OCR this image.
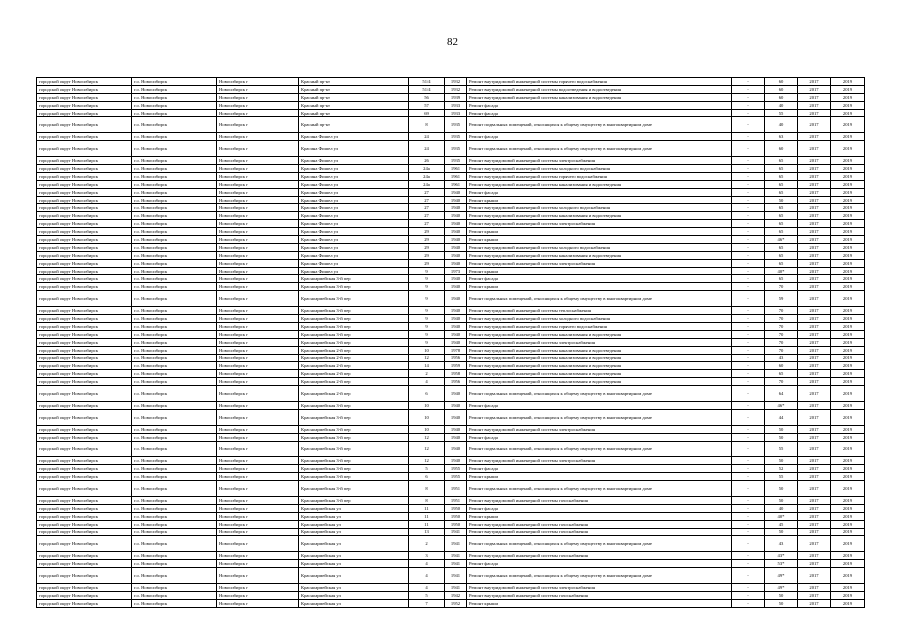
82
городской округ Новосибирск	г.о. Новосибирск	Новосибирск г	Красный пр-кт	51/4	1932	Ремонт внутридомовой инженерной системы горячего водоснабжения	-	60	2017	2019
городской округ Новосибирск	г.о. Новосибирск	Новосибирск г	Красный пр-кт	51/4	1932	Ремонт внутридомовой инженерной системы водоотведения и водоотведения	-	60	2017	2019
городской округ Новосибирск	г.о. Новосибирск	Новосибирск г	Красный пр-кт	56	1939	Ремонт внутридомовой инженерной системы канализования и водоотведения	-	60	2017	2019
городской округ Новосибирск	г.о. Новосибирск	Новосибирск г	Красный пр-кт	57	1933	Ремонт фасада	-	40	2017	2019
городской округ Новосибирск	г.о. Новосибирск	Новосибирск г	Красный пр-кт	69	1933	Ремонт фасада	-	55	2017	2019
городской округ Новосибирск	г.о. Новосибирск	Новосибирск г	Красный пр-кт	8	1935	Ремонт подвальных помещений, относящихся к общему имуществу в многоквартирном доме	-	40	2017	2019
городской округ Новосибирск	г.о. Новосибирск	Новосибирск г	Красина Фишел ул	24	1935	Ремонт фасада	-	63	2017	2019
городской округ Новосибирск	г.о. Новосибирск	Новосибирск г	Красина Фишел ул	24	1935	Ремонт подвальных помещений, относящихся к общему имуществу в многоквартирном доме	-	60	2017	2019
городской округ Новосибирск	г.о. Новосибирск	Новосибирск г	Красина Фишел ул	26	1935	Ремонт внутридомовой инженерной системы электроснабжения	-	65	2017	2019
городской округ Новосибирск	г.о. Новосибирск	Новосибирск г	Красина Фишел ул	24а	1961	Ремонт внутридомовой инженерной системы холодного водоснабжения	-	65	2017	2019
городской округ Новосибирск	г.о. Новосибирск	Новосибирск г	Красина Фишел ул	24а	1961	Ремонт внутридомовой инженерной системы горячего водоснабжения	-	65	2017	2019
городской округ Новосибирск	г.о. Новосибирск	Новосибирск г	Красина Фишел ул	24а	1961	Ремонт внутридомовой инженерной системы канализования и водоотведения	-	65	2017	2019
городской округ Новосибирск	г.о. Новосибирск	Новосибирск г	Красина Фишел ул	27	1940	Ремонт фасада	-	65	2017	2019
городской округ Новосибирск	г.о. Новосибирск	Новосибирск г	Красина Фишел ул	27	1940	Ремонт крыши	-	50	2017	2019
городской округ Новосибирск	г.о. Новосибирск	Новосибирск г	Красина Фишел ул	27	1940	Ремонт внутридомовой инженерной системы холодного водоснабжения	-	65	2017	2019
городской округ Новосибирск	г.о. Новосибирск	Новосибирск г	Красина Фишел ул	27	1940	Ремонт внутридомовой инженерной системы канализования и водоотведения	-	65	2017	2019
городской округ Новосибирск	г.о. Новосибирск	Новосибирск г	Красина Фишел ул	27	1940	Ремонт внутридомовой инженерной системы электроснабжения	-	65	2017	2019
городской округ Новосибирск	г.о. Новосибирск	Новосибирск г	Красина Фишел ул	29	1940	Ремонт крыши	-	65	2017	2019
городской округ Новосибирск	г.о. Новосибирск	Новосибирск г	Красина Фишел ул	29	1940	Ремонт крыши	-	46*	2017	2019
городской округ Новосибирск	г.о. Новосибирск	Новосибирск г	Красина Фишел ул	29	1940	Ремонт внутридомовой инженерной системы холодного водоснабжения	-	65	2017	2019
городской округ Новосибирск	г.о. Новосибирск	Новосибирск г	Красина Фишел ул	29	1940	Ремонт внутридомовой инженерной системы канализования и водоотведения	-	65	2017	2019
городской округ Новосибирск	г.о. Новосибирск	Новосибирск г	Красина Фишел ул	29	1940	Ремонт внутридомовой инженерной системы электроснабжения	-	65	2017	2019
городской округ Новосибирск	г.о. Новосибирск	Новосибирск г	Красина Фишел ул	9	1973	Ремонт крыши	-	40*	2017	2019
городской округ Новосибирск	г.о. Новосибирск	Новосибирск г	Красноармейская 3-й пер	9	1940	Ремонт фасада	-	65	2017	2019
городской округ Новосибирск	г.о. Новосибирск	Новосибирск г	Красноармейская 3-й пер	9	1940	Ремонт крыши	-	70	2017	2019
городской округ Новосибирск	г.о. Новосибирск	Новосибирск г	Красноармейская 3-й пер	9	1940	Ремонт подвальных помещений, относящихся к общему имуществу в многоквартирном доме	-	59	2017	2019
городской округ Новосибирск	г.о. Новосибирск	Новосибирск г	Красноармейская 3-й пер	9	1940	Ремонт внутридомовой инженерной системы теплоснабжения	-	70	2017	2019
городской округ Новосибирск	г.о. Новосибирск	Новосибирск г	Красноармейская 3-й пер	9	1940	Ремонт внутридомовой инженерной системы холодного водоснабжения	-	70	2017	2019
городской округ Новосибирск	г.о. Новосибирск	Новосибирск г	Красноармейская 3-й пер	9	1940	Ремонт внутридомовой инженерной системы горячего водоснабжения	-	70	2017	2019
городской округ Новосибирск	г.о. Новосибирск	Новосибирск г	Красноармейская 3-й пер	9	1940	Ремонт внутридомовой инженерной системы канализования и водоотведения	-	70	2017	2019
городской округ Новосибирск	г.о. Новосибирск	Новосибирск г	Красноармейская 3-й пер	9	1940	Ремонт внутридомовой инженерной системы электроснабжения	-	70	2017	2019
городской округ Новосибирск	г.о. Новосибирск	Новосибирск г	Красноармейская 2-й пер	10	1978	Ремонт внутридомовой инженерной системы канализования и водоотведения	-	70	2017	2019
городской округ Новосибирск	г.о. Новосибирск	Новосибирск г	Красноармейская 2-й пер	12	1956	Ремонт внутридомовой инженерной системы канализования и водоотведения	-	43	2017	2019
городской округ Новосибирск	г.о. Новосибирск	Новосибирск г	Красноармейская 2-й пер	14	1959	Ремонт внутридомовой инженерной системы канализования и водоотведения	-	60	2017	2019
городской округ Новосибирск	г.о. Новосибирск	Новосибирск г	Красноармейская 2-й пер	2	1958	Ремонт внутридомовой инженерной системы канализования и водоотведения	-	65	2017	2019
городской округ Новосибирск	г.о. Новосибирск	Новосибирск г	Красноармейская 2-й пер	4	1956	Ремонт внутридомовой инженерной системы канализования и водоотведения	-	70	2017	2019
городской округ Новосибирск	г.о. Новосибирск	Новосибирск г	Красноармейская 2-й пер	6	1940	Ремонт подвальных помещений, относящихся к общему имуществу в многоквартирном доме	-	64	2017	2019
городской округ Новосибирск	г.о. Новосибирск	Новосибирск г	Красноармейская 3-й пер	10	1940	Ремонт фасада	-	46*	2017	2019
городской округ Новосибирск	г.о. Новосибирск	Новосибирск г	Красноармейская 3-й пер	10	1940	Ремонт подвальных помещений, относящихся к общему имуществу в многоквартирном доме	-	44	2017	2019
городской округ Новосибирск	г.о. Новосибирск	Новосибирск г	Красноармейская 3-й пер	10	1940	Ремонт внутридомовой инженерной системы электроснабжения	-	50	2017	2019
городской округ Новосибирск	г.о. Новосибирск	Новосибирск г	Красноармейская 3-й пер	12	1940	Ремонт фасада	-	50	2017	2019
городской округ Новосибирск	г.о. Новосибирск	Новосибирск г	Красноармейская 3-й пер	12	1940	Ремонт подвальных помещений, относящихся к общему имуществу в многоквартирном доме	-	55	2017	2019
городской округ Новосибирск	г.о. Новосибирск	Новосибирск г	Красноармейская 3-й пер	12	1940	Ремонт внутридомовой инженерной системы электроснабжения	-	50	2017	2019
городской округ Новосибирск	г.о. Новосибирск	Новосибирск г	Красноармейская 3-й пер	5	1955	Ремонт фасада	-	52	2017	2019
городской округ Новосибирск	г.о. Новосибирск	Новосибирск г	Красноармейская 3-й пер	6	1955	Ремонт крыши	-	55	2017	2019
городской округ Новосибирск	г.о. Новосибирск	Новосибирск г	Красноармейская 3-й пер	8	1951	Ремонт подвальных помещений, относящихся к общему имуществу в многоквартирном доме	-	50	2017	2019
городской округ Новосибирск	г.о. Новосибирск	Новосибирск г	Красноармейская 3-й пер	8	1951	Ремонт внутридомовой инженерной системы газоснабжения	-	50	2017	2019
городской округ Новосибирск	г.о. Новосибирск	Новосибирск г	Красноармейская ул	11	1950	Ремонт фасада	-	40	2017	2019
городской округ Новосибирск	г.о. Новосибирск	Новосибирск г	Красноармейская ул	11	1950	Ремонт крыши	-	40*	2017	2019
городской округ Новосибирск	г.о. Новосибирск	Новосибирск г	Красноармейская ул	11	1950	Ремонт внутридомовой инженерной системы газоснабжения	-	45	2017	2019
городской округ Новосибирск	г.о. Новосибирск	Новосибирск г	Красноармейская ул	13	1941	Ремонт внутридомовой инженерной системы газоснабжения	-	50	2017	2019
городской округ Новосибирск	г.о. Новосибирск	Новосибирск г	Красноармейская ул	2	1941	Ремонт подвальных помещений, относящихся к общему имуществу в многоквартирном доме	-	43	2017	2019
городской округ Новосибирск	г.о. Новосибирск	Новосибирск г	Красноармейская ул	3	1941	Ремонт внутридомовой инженерной системы газоснабжения	-	43*	2017	2019
городской округ Новосибирск	г.о. Новосибирск	Новосибирск г	Красноармейская ул	4	1941	Ремонт фасада	-	53*	2017	2019
городской округ Новосибирск	г.о. Новосибирск	Новосибирск г	Красноармейская ул	4	1941	Ремонт подвальных помещений, относящихся к общему имуществу в многоквартирном доме	-	49*	2017	2019
городской округ Новосибирск	г.о. Новосибирск	Новосибирск г	Красноармейская ул	4	1941	Ремонт внутридомовой инженерной системы электроснабжения	-	49*	2017	2019
городской округ Новосибирск	г.о. Новосибирск	Новосибирск г	Красноармейская ул	5	1942	Ремонт внутридомовой инженерной системы газоснабжения	-	50	2017	2019
городской округ Новосибирск	г.о. Новосибирск	Новосибирск г	Красноармейская ул	7	1952	Ремонт крыши	-	50	2017	2019
